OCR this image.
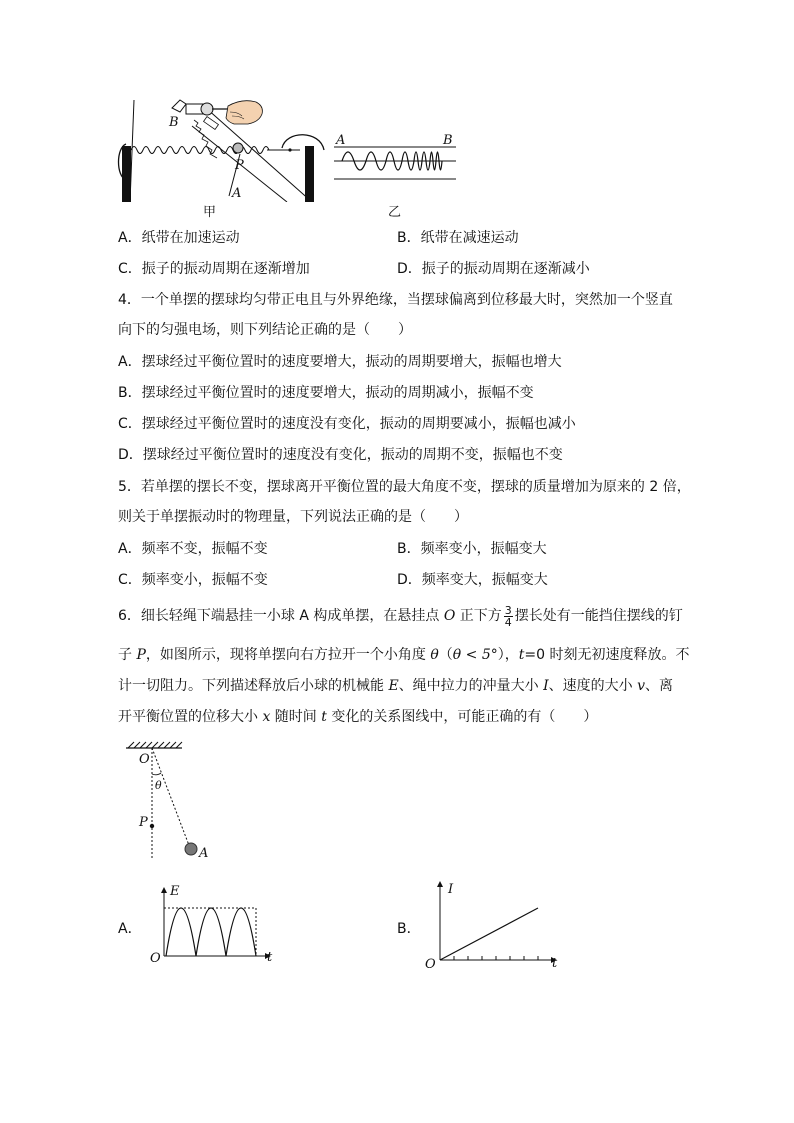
B
P
A
甲
A	B
乙
A．纸带在加速运动	B．纸带在减速运动
C．振子的振动周期在逐渐增加	D．振子的振动周期在逐渐减小
4．一个单摆的摆球均匀带正电且与外界绝缘，当摆球偏离到位移最大时，突然加一个竖直
向下的匀强电场，则下列结论正确的是（　　）
A．摆球经过平衡位置时的速度要增大，振动的周期要增大，振幅也增大
B．摆球经过平衡位置时的速度要增大，振动的周期减小，振幅不变
C．摆球经过平衡位置时的速度没有变化，振动的周期要减小，振幅也减小
D．摆球经过平衡位置时的速度没有变化，振动的周期不变，振幅也不变
5．若单摆的摆长不变，摆球离开平衡位置的最大角度不变，摆球的质量增加为原来的 2 倍，
则关于单摆振动时的物理量，下列说法正确的是（　　）
A．频率不变，振幅不变	B．频率变小，振幅变大
C．频率变小，振幅不变	D．频率变大，振幅变大
6．细长轻绳下端悬挂一小球 A 构成单摆，在悬挂点 O 正下方 $\frac{3}{4}$ 摆长处有一能挡住摆线的钉
子 P，如图所示，现将单摆向右方拉开一个小角度 θ（θ < 5°），t=0 时刻无初速度释放。不
计一切阻力。下列描述释放后小球的机械能 E、绳中拉力的冲量大小 I、速度的大小 v、离
开平衡位置的位移大小 x 随时间 t 变化的关系图线中，可能正确的有（　　）
O
θ
P
A
A．
E
O	t
B．
I
O	t
